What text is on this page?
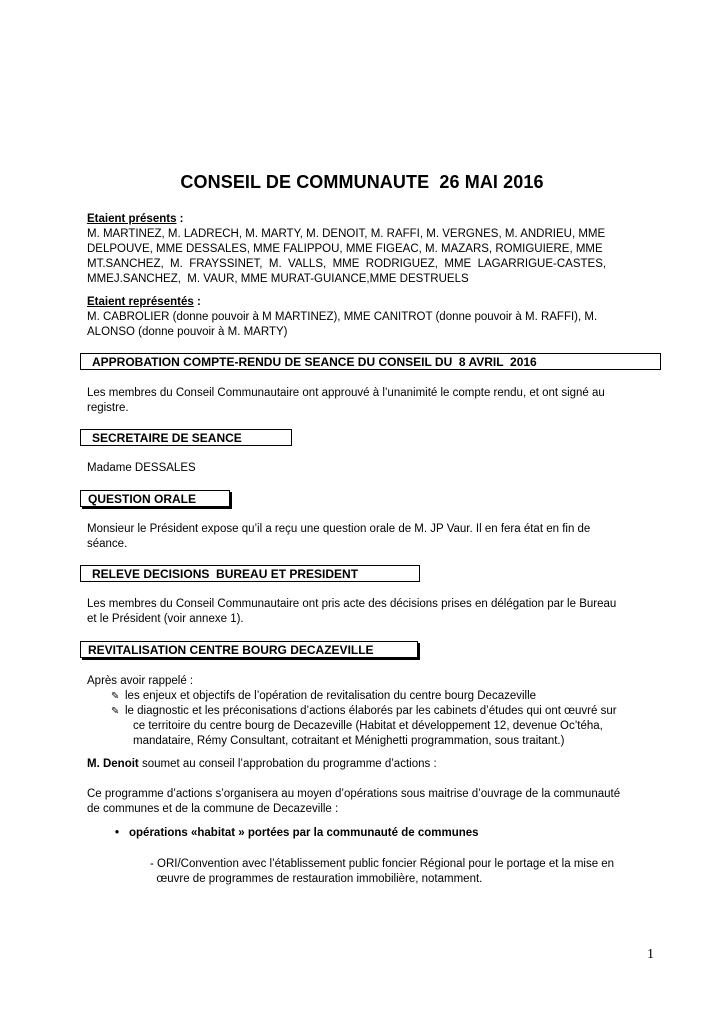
CONSEIL DE COMMUNAUTE  26 MAI 2016
Etaient présents :
M. MARTINEZ, M. LADRECH, M. MARTY, M. DENOIT, M. RAFFI, M. VERGNES, M. ANDRIEU, MME
DELPOUVE, MME DESSALES, MME FALIPPOU, MME FIGEAC, M. MAZARS, ROMIGUIERE, MME
MT.SANCHEZ,  M.  FRAYSSINET,  M.  VALLS,  MME  RODRIGUEZ,  MME  LAGARRIGUE-CASTES,
MMEJ.SANCHEZ,  M. VAUR, MME MURAT-GUIANCE,MME DESTRUELS
Etaient représentés :
M. CABROLIER (donne pouvoir à M MARTINEZ), MME CANITROT (donne pouvoir à M. RAFFI), M.
ALONSO (donne pouvoir à M. MARTY)
APPROBATION COMPTE-RENDU DE SEANCE DU CONSEIL DU  8 AVRIL  2016
Les membres du Conseil Communautaire ont approuvé à l’unanimité le compte rendu, et ont signé au
registre.
SECRETAIRE DE SEANCE
Madame DESSALES
QUESTION ORALE
Monsieur le Président expose qu’il a reçu une question orale de M. JP Vaur. Il en fera état en fin de
séance.
RELEVE DECISIONS  BUREAU ET PRESIDENT
Les membres du Conseil Communautaire ont pris acte des décisions prises en délégation par le Bureau
et le Président (voir annexe 1).
REVITALISATION CENTRE BOURG DECAZEVILLE
Après avoir rappelé :
✎ les enjeux et objectifs de l’opération de revitalisation du centre bourg Decazeville
✎ le diagnostic et les préconisations d’actions élaborés par les cabinets d’études qui ont œuvré sur
ce territoire du centre bourg de Decazeville (Habitat et développement 12, devenue Oc’téha,
mandataire, Rémy Consultant, cotraitant et Ménighetti programmation, sous traitant.)
M. Denoit soumet au conseil l’approbation du programme d’actions :
Ce programme d’actions s’organisera au moyen d’opérations sous maitrise d’ouvrage de la communauté
de communes et de la commune de Decazeville :
• opérations «habitat » portées par la communauté de communes
- ORI/Convention avec l’établissement public foncier Régional pour le portage et la mise en
œuvre de programmes de restauration immobilière, notamment.
1
